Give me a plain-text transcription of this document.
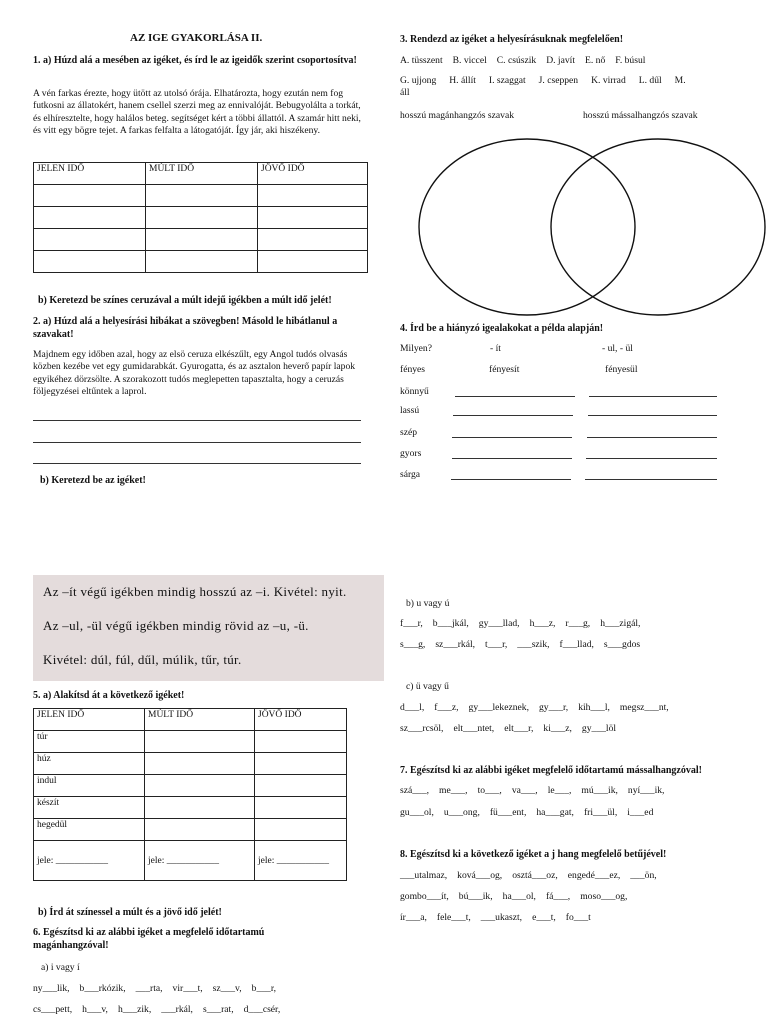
AZ IGE GYAKORLÁSA II.
1. a) Húzd alá a mesében az igéket, és írd le az igeidők szerint csoportosítva!
A vén farkas érezte, hogy ütött az utolsó órája. Elhatározta, hogy ezután nem fog futkosni az állatokért, hanem csellel szerzi meg az ennivalóját. Bebugyolálta a torkát, és elhíresztelte, hogy halálos beteg. segítséget kért a többi állattól. A szamár hitt neki, és vitt egy bögre tejet. A farkas felfalta a látogatóját. Így jár, aki hiszékeny.
JELEN IDŐ	MÚLT IDŐ	JÖVŐ IDŐ

b) Keretezd be színes ceruzával a múlt idejű igékben a múlt idő jelét!
2. a) Húzd alá a helyesírási hibákat a szövegben! Másold le hibátlanul a szavakat!
Majdnem egy időben azal, hogy az elsö ceruza elkészűlt, egy Angol tudós olvasás közben kezébe vet egy gumidarabkát. Gyurogatta, és az asztalon heverő papír lapok egyikéhez dörzsölte. A szorakozott tudós meglepetten tapasztalta, hogy a ceruzás följegyzései eltűntek a laprol.
b) Keretezd be az igéket!
3. Rendezd az igéket a helyesírásuknak megfelelően!
A. tüsszent B. viccel C. csúszik D. javít E. nő F. búsul
G. ujjong H. állít I. szaggat J. cseppen K. virrad L. dűl M.
áll
hosszú magánhangzós szavak	hosszú mássalhangzós szavak
4. Írd be a hiányzó igealakokat a példa alapján!
Milyen?	- ít	- ul, - ül
fényes	fényesít	fényesül
könnyű
lassú
szép
gyors
sárga
Az –ít végű igékben mindig hosszú az –i. Kivétel: nyit.
Az –ul, -ül végű igékben mindig rövid az –u, -ü.
Kivétel: dúl, fúl, dűl, múlik, tűr, túr.
5. a) Alakítsd át a következő igéket!
JELEN IDŐ	MÚLT IDŐ	JÖVŐ IDŐ
túr		
húz		
indul		
készít		
hegedül		
jele: ___________	jele: ___________	jele: ___________
b) Írd át színessel a múlt és a jövő idő jelét!
6. Egészítsd ki az alábbi igéket a megfelelő időtartamú magánhangzóval!
a) i vagy í
ny___lik, b___rkózik, ___rta, vir___t, sz___v, b___r,
cs___pett, h___v, h___zik, ___rkál, s___rat, d___csér,
b) u vagy ú
f___r, b___jkál, gy___llad, h___z, r___g, h___zigál,
s___g, sz___rkál, t___r, ___szik, f___llad, s___gdos
c) ü vagy ű
d___l, f___z, gy___lekeznek, gy___r, kih___l, megsz___nt,
sz___rcsöl, elt___ntet, elt___r, ki___z, gy___löl
7. Egészítsd ki az alábbi igéket megfelelő időtartamú mássalhangzóval!
szá___, me___, to___, va___, le___, mú___ik, nyí___ik,
gu___ol, u___ong, fü___ent, ha___gat, fri___ül, i___ed
8. Egészítsd ki a következő igéket a j hang megfelelő betűjével!
___utalmaz, ková___og, osztá___oz, engedé___ez, ___ön,
gombo___ít, bú___ik, ha___ol, fá___, moso___og,
ír___a, fele___t, ___ukaszt, e___t, fo___t
